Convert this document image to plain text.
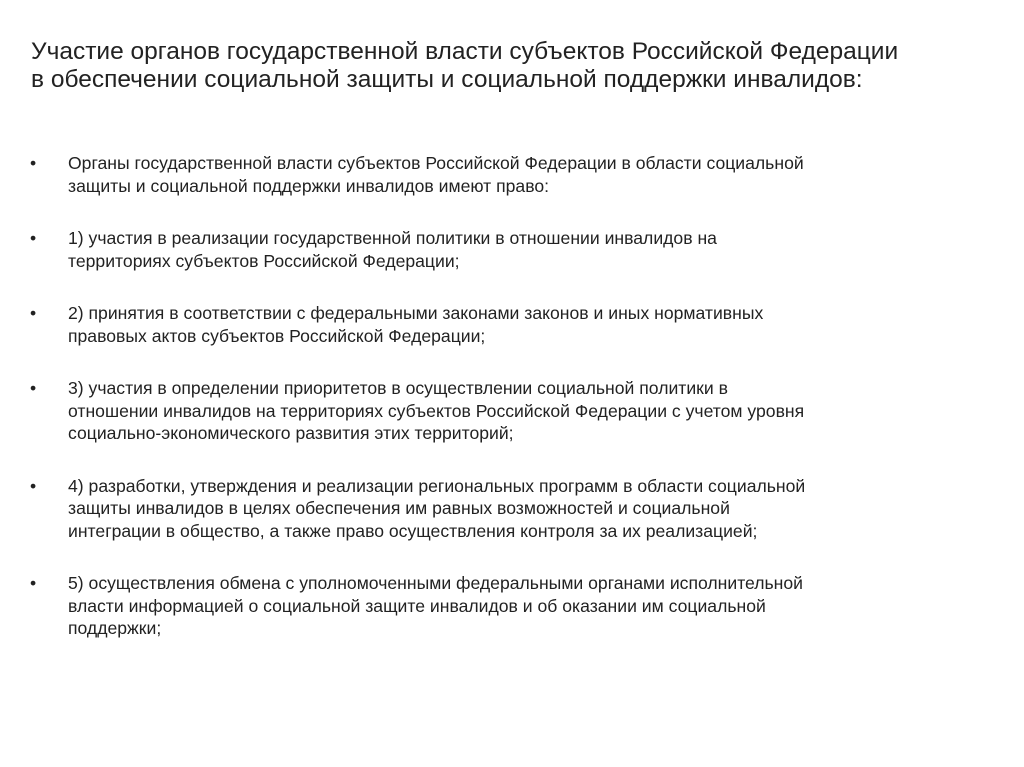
Участие органов государственной власти субъектов Российской Федерации
в обеспечении социальной защиты и социальной поддержки инвалидов:
•	Органы государственной власти субъектов Российской Федерации в области социальной
защиты и социальной поддержки инвалидов имеют право:
•	1) участия в реализации государственной политики в отношении инвалидов на
территориях субъектов Российской Федерации;
•	2) принятия в соответствии с федеральными законами законов и иных нормативных
правовых актов субъектов Российской Федерации;
•	3) участия в определении приоритетов в осуществлении социальной политики в
отношении инвалидов на территориях субъектов Российской Федерации с учетом уровня
социально-экономического развития этих территорий;
•	4) разработки, утверждения и реализации региональных программ в области социальной
защиты инвалидов в целях обеспечения им равных возможностей и социальной
интеграции в общество, а также право осуществления контроля за их реализацией;
•	5) осуществления обмена с уполномоченными федеральными органами исполнительной
власти информацией о социальной защите инвалидов и об оказании им социальной
поддержки;
